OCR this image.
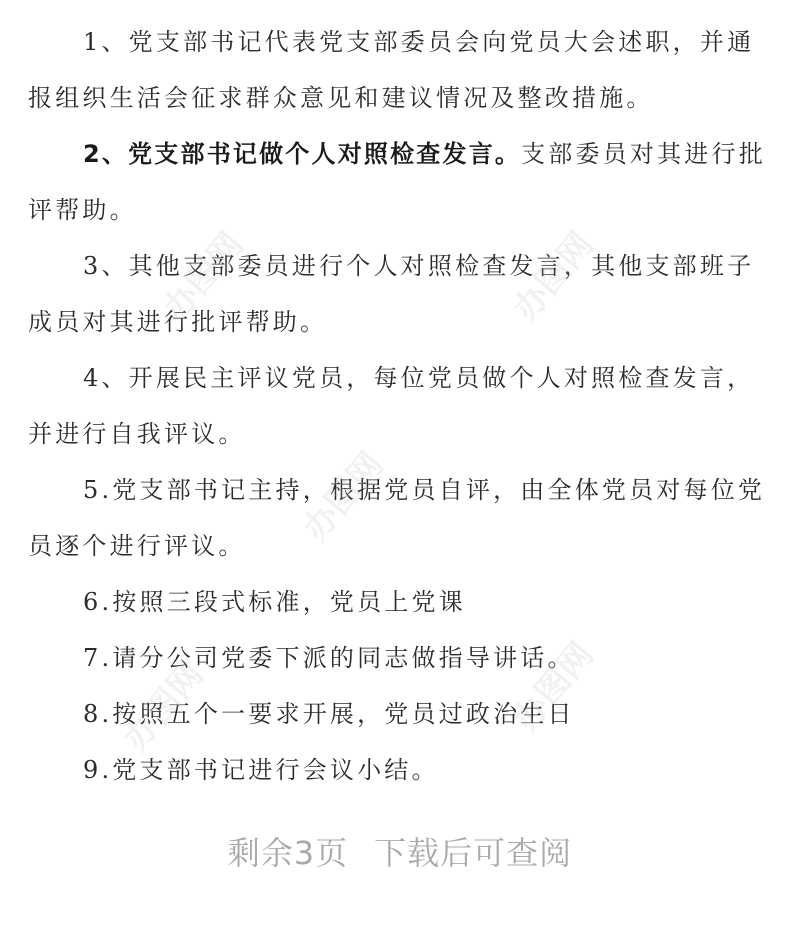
1、党支部书记代表党支部委员会向党员大会述职，并通报组织生活会征求群众意见和建议情况及整改措施。

2、党支部书记做个人对照检查发言。支部委员对其进行批评帮助。

3、其他支部委员进行个人对照检查发言，其他支部班子成员对其进行批评帮助。

4、开展民主评议党员，每位党员做个人对照检查发言，并进行自我评议。

5.党支部书记主持，根据党员自评，由全体党员对每位党员逐个进行评议。

6.按照三段式标准，党员上党课

7.请分公司党委下派的同志做指导讲话。

8.按照五个一要求开展，党员过政治生日

9.党支部书记进行会议小结。

办图网	办图网
办图网
办图网	办图网
剩余3页 下载后可查阅
